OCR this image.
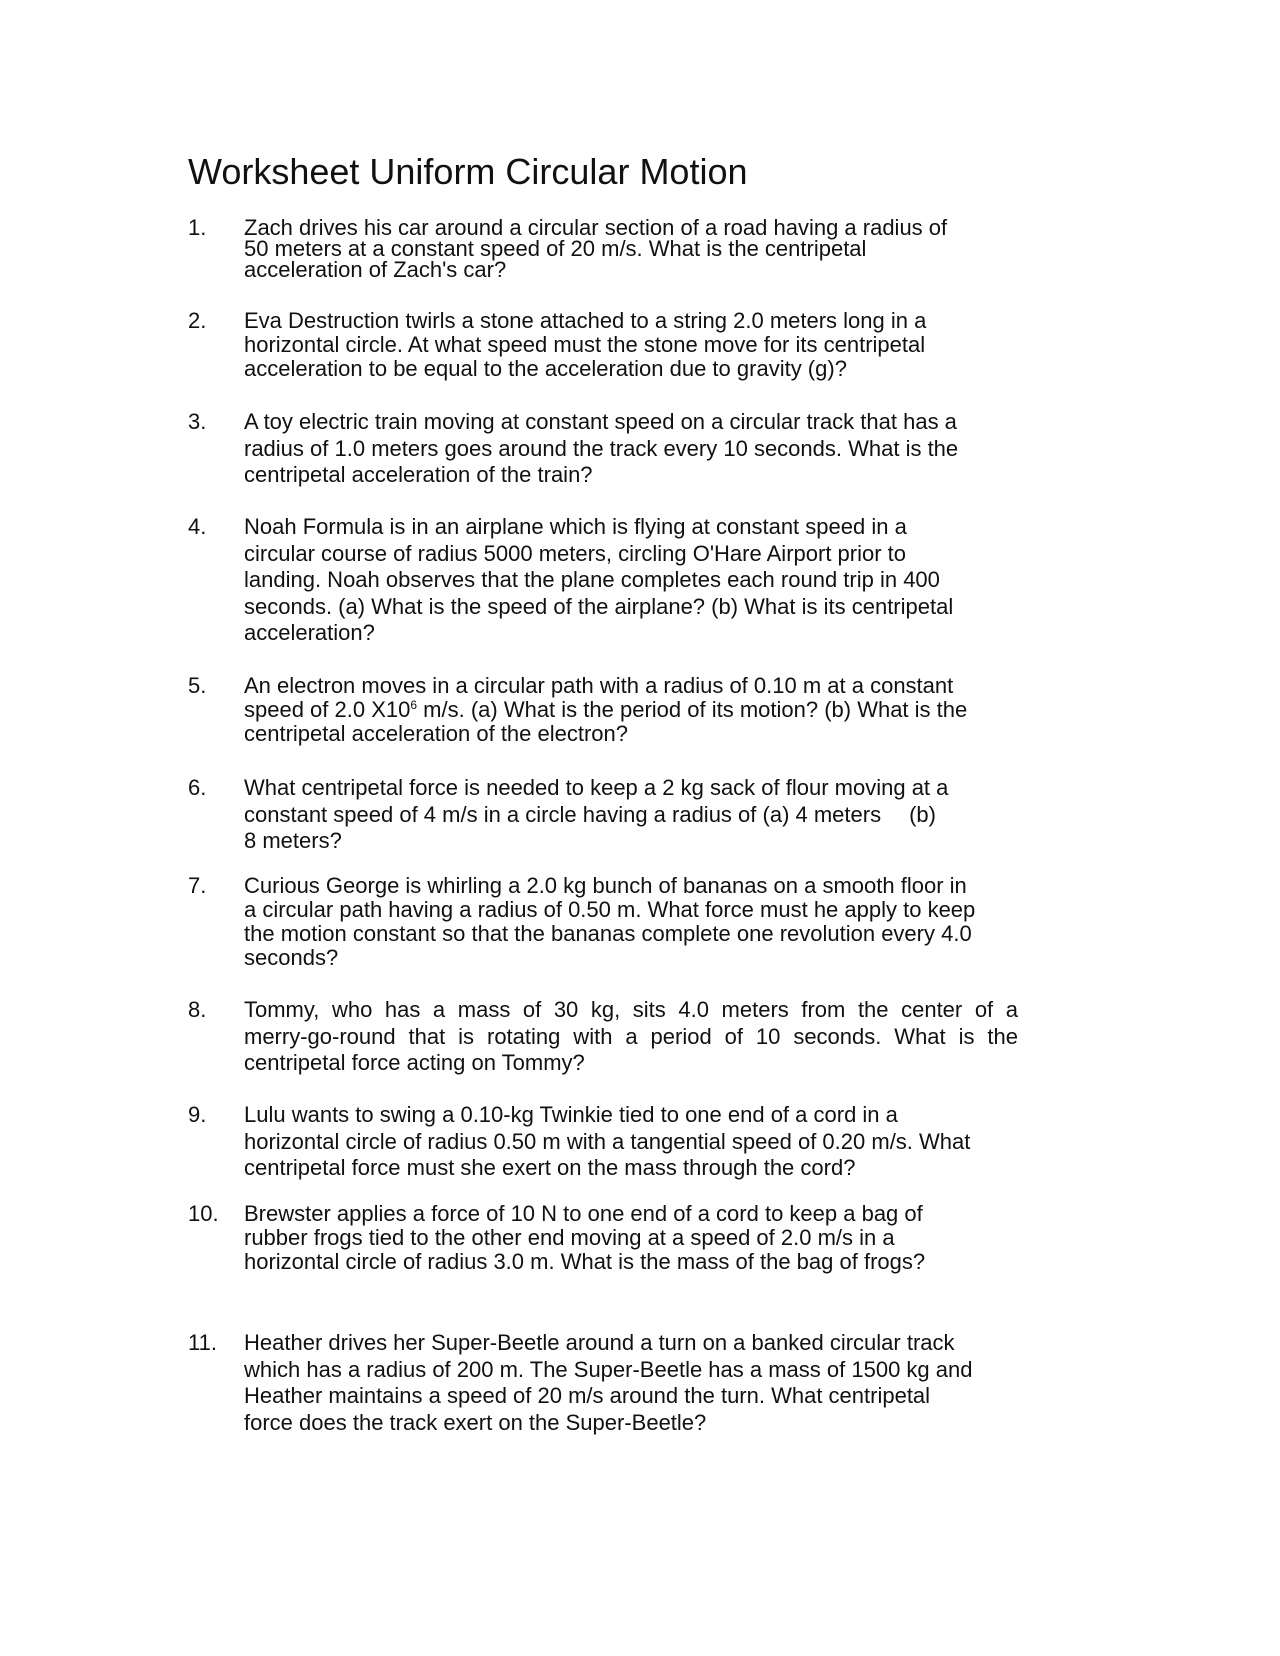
Worksheet Uniform Circular Motion
1. Zach drives his car around a circular section of a road having a radius of
50 meters at a constant speed of 20 m/s. What is the centripetal
acceleration of Zach's car?
2. Eva Destruction twirls a stone attached to a string 2.0 meters long in a
horizontal circle. At what speed must the stone move for its centripetal
acceleration to be equal to the acceleration due to gravity (g)?
3. A toy electric train moving at constant speed on a circular track that has a
radius of 1.0 meters goes around the track every 10 seconds. What is the
centripetal acceleration of the train?
4. Noah Formula is in an airplane which is flying at constant speed in a
circular course of radius 5000 meters, circling O'Hare Airport prior to
landing. Noah observes that the plane completes each round trip in 400
seconds. (a) What is the speed of the airplane? (b) What is its centripetal
acceleration?
5. An electron moves in a circular path with a radius of 0.10 m at a constant
speed of 2.0 $X10^6$ m/s. (a) What is the period of its motion? (b) What is the
centripetal acceleration of the electron?
6. What centripetal force is needed to keep a 2 kg sack of flour moving at a
constant speed of 4 m/s in a circle having a radius of (a) 4 meters (b)
8 meters?
7. Curious George is whirling a 2.0 kg bunch of bananas on a smooth floor in
a circular path having a radius of 0.50 m. What force must he apply to keep
the motion constant so that the bananas complete one revolution every 4.0
seconds?
8. Tommy, who has a mass of 30 kg, sits 4.0 meters from the center of a
merry-go-round that is rotating with a period of 10 seconds. What is the
centripetal force acting on Tommy?
9. Lulu wants to swing a 0.10-kg Twinkie tied to one end of a cord in a
horizontal circle of radius 0.50 m with a tangential speed of 0.20 m/s. What
centripetal force must she exert on the mass through the cord?
10. Brewster applies a force of 10 N to one end of a cord to keep a bag of
rubber frogs tied to the other end moving at a speed of 2.0 m/s in a
horizontal circle of radius 3.0 m. What is the mass of the bag of frogs?
11. Heather drives her Super-Beetle around a turn on a banked circular track
which has a radius of 200 m. The Super-Beetle has a mass of 1500 kg and
Heather maintains a speed of 20 m/s around the turn. What centripetal
force does the track exert on the Super-Beetle?
